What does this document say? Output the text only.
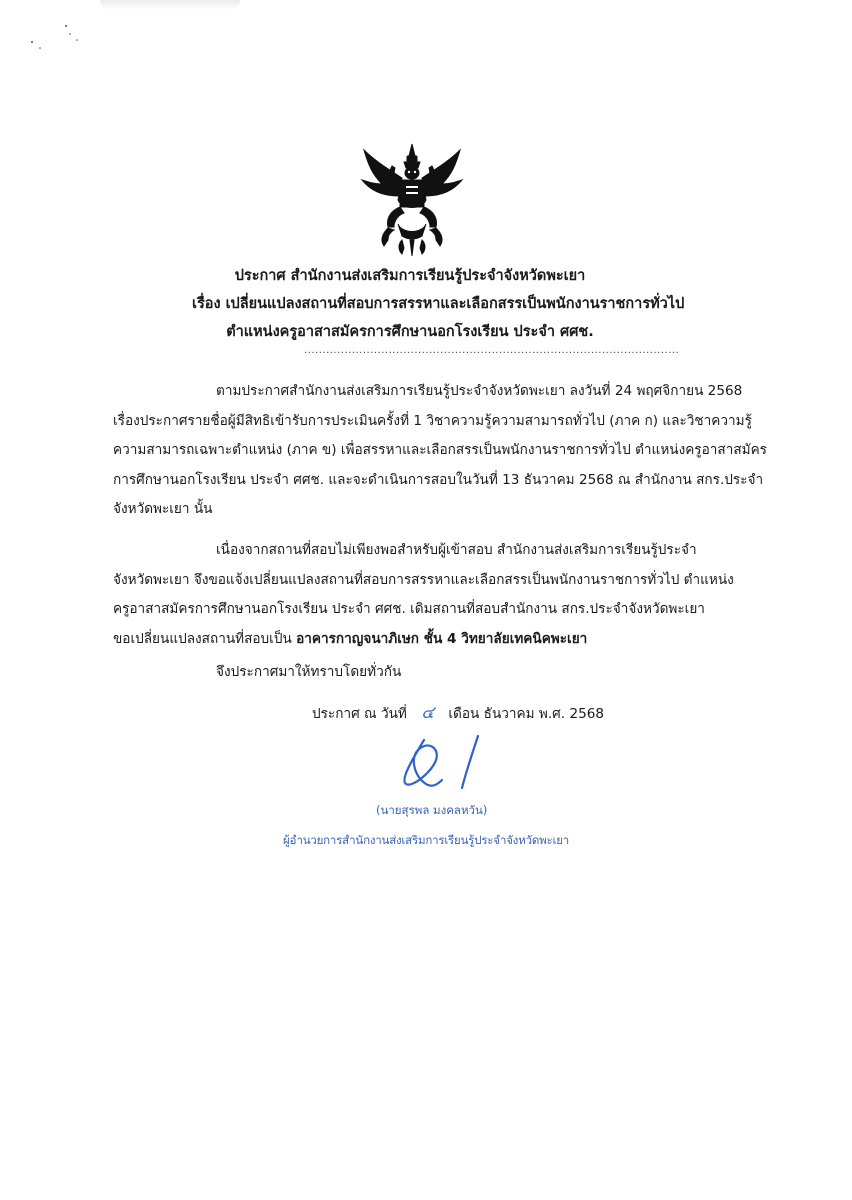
ประกาศ สำนักงานส่งเสริมการเรียนรู้ประจำจังหวัดพะเยา
เรื่อง เปลี่ยนแปลงสถานที่สอบการสรรหาและเลือกสรรเป็นพนักงานราชการทั่วไป
ตำแหน่งครูอาสาสมัครการศึกษานอกโรงเรียน ประจำ ศศช.
......................................................................................................
ตามประกาศสำนักงานส่งเสริมการเรียนรู้ประจำจังหวัดพะเยา ลงวันที่ 24 พฤศจิกายน 2568
เรื่องประกาศรายชื่อผู้มีสิทธิเข้ารับการประเมินครั้งที่ 1 วิชาความรู้ความสามารถทั่วไป (ภาค ก) และวิชาความรู้
ความสามารถเฉพาะตำแหน่ง (ภาค ข) เพื่อสรรหาและเลือกสรรเป็นพนักงานราชการทั่วไป ตำแหน่งครูอาสาสมัคร
การศึกษานอกโรงเรียน ประจำ ศศช. และจะดำเนินการสอบในวันที่ 13 ธันวาคม 2568 ณ สำนักงาน สกร.ประจำ
จังหวัดพะเยา นั้น
เนื่องจากสถานที่สอบไม่เพียงพอสำหรับผู้เข้าสอบ สำนักงานส่งเสริมการเรียนรู้ประจำ
จังหวัดพะเยา จึงขอแจ้งเปลี่ยนแปลงสถานที่สอบการสรรหาและเลือกสรรเป็นพนักงานราชการทั่วไป ตำแหน่ง
ครูอาสาสมัครการศึกษานอกโรงเรียน ประจำ ศศช. เดิมสถานที่สอบสำนักงาน สกร.ประจำจังหวัดพะเยา
ขอเปลี่ยนแปลงสถานที่สอบเป็น อาคารกาญจนาภิเษก ชั้น 4 วิทยาลัยเทคนิคพะเยา
จึงประกาศมาให้ทราบโดยทั่วกัน
ประกาศ ณ วันที่ ๔ เดือน ธันวาคม พ.ศ. 2568
(นายสุรพล มงคลหวัน)
ผู้อำนวยการสำนักงานส่งเสริมการเรียนรู้ประจำจังหวัดพะเยา
